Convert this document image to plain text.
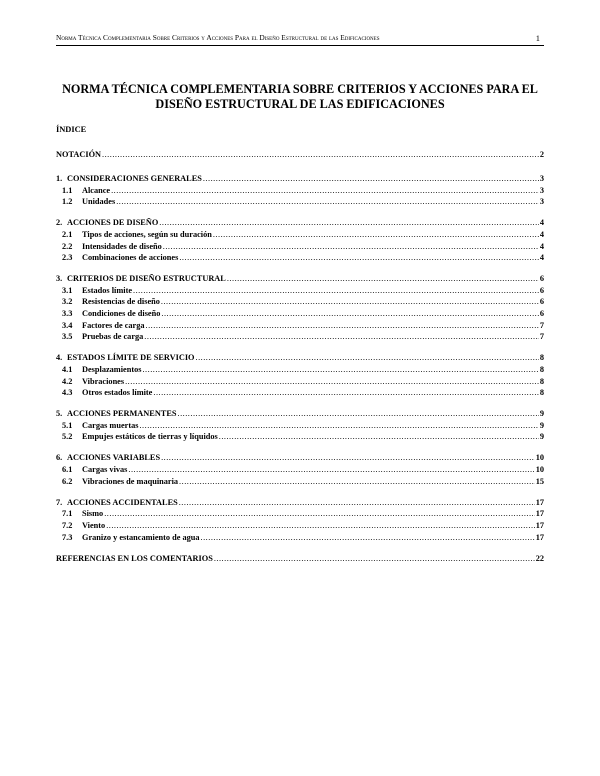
Norma Técnica Complementaria Sobre Criterios y Acciones Para el Diseño Estructural de las Edificaciones	1
NORMA TÉCNICA COMPLEMENTARIA SOBRE CRITERIOS Y ACCIONES PARA EL
DISEÑO ESTRUCTURAL DE LAS EDIFICACIONES
ÍNDICE
NOTACIÓN .....	2
1. CONSIDERACIONES GENERALES .....	3
1.1	Alcance .....	3
1.2	Unidades .....	3
2. ACCIONES DE DISEÑO .....	4
2.1	Tipos de acciones, según su duración .....	4
2.2	Intensidades de diseño .....	4
2.3	Combinaciones de acciones .....	4
3. CRITERIOS DE DISEÑO ESTRUCTURAL .....	6
3.1	Estados límite .....	6
3.2	Resistencias de diseño .....	6
3.3	Condiciones de diseño .....	6
3.4	Factores de carga .....	7
3.5	Pruebas de carga .....	7
4. ESTADOS LÍMITE DE SERVICIO .....	8
4.1	Desplazamientos .....	8
4.2	Vibraciones .....	8
4.3	Otros estados límite .....	8
5. ACCIONES PERMANENTES .....	9
5.1	Cargas muertas .....	9
5.2	Empujes estáticos de tierras y líquidos .....	9
6. ACCIONES VARIABLES .....	10
6.1	Cargas vivas .....	10
6.2	Vibraciones de maquinaria .....	15
7. ACCIONES ACCIDENTALES .....	17
7.1	Sismo .....	17
7.2	Viento .....	17
7.3	Granizo y estancamiento de agua .....	17
REFERENCIAS EN LOS COMENTARIOS .....	22
